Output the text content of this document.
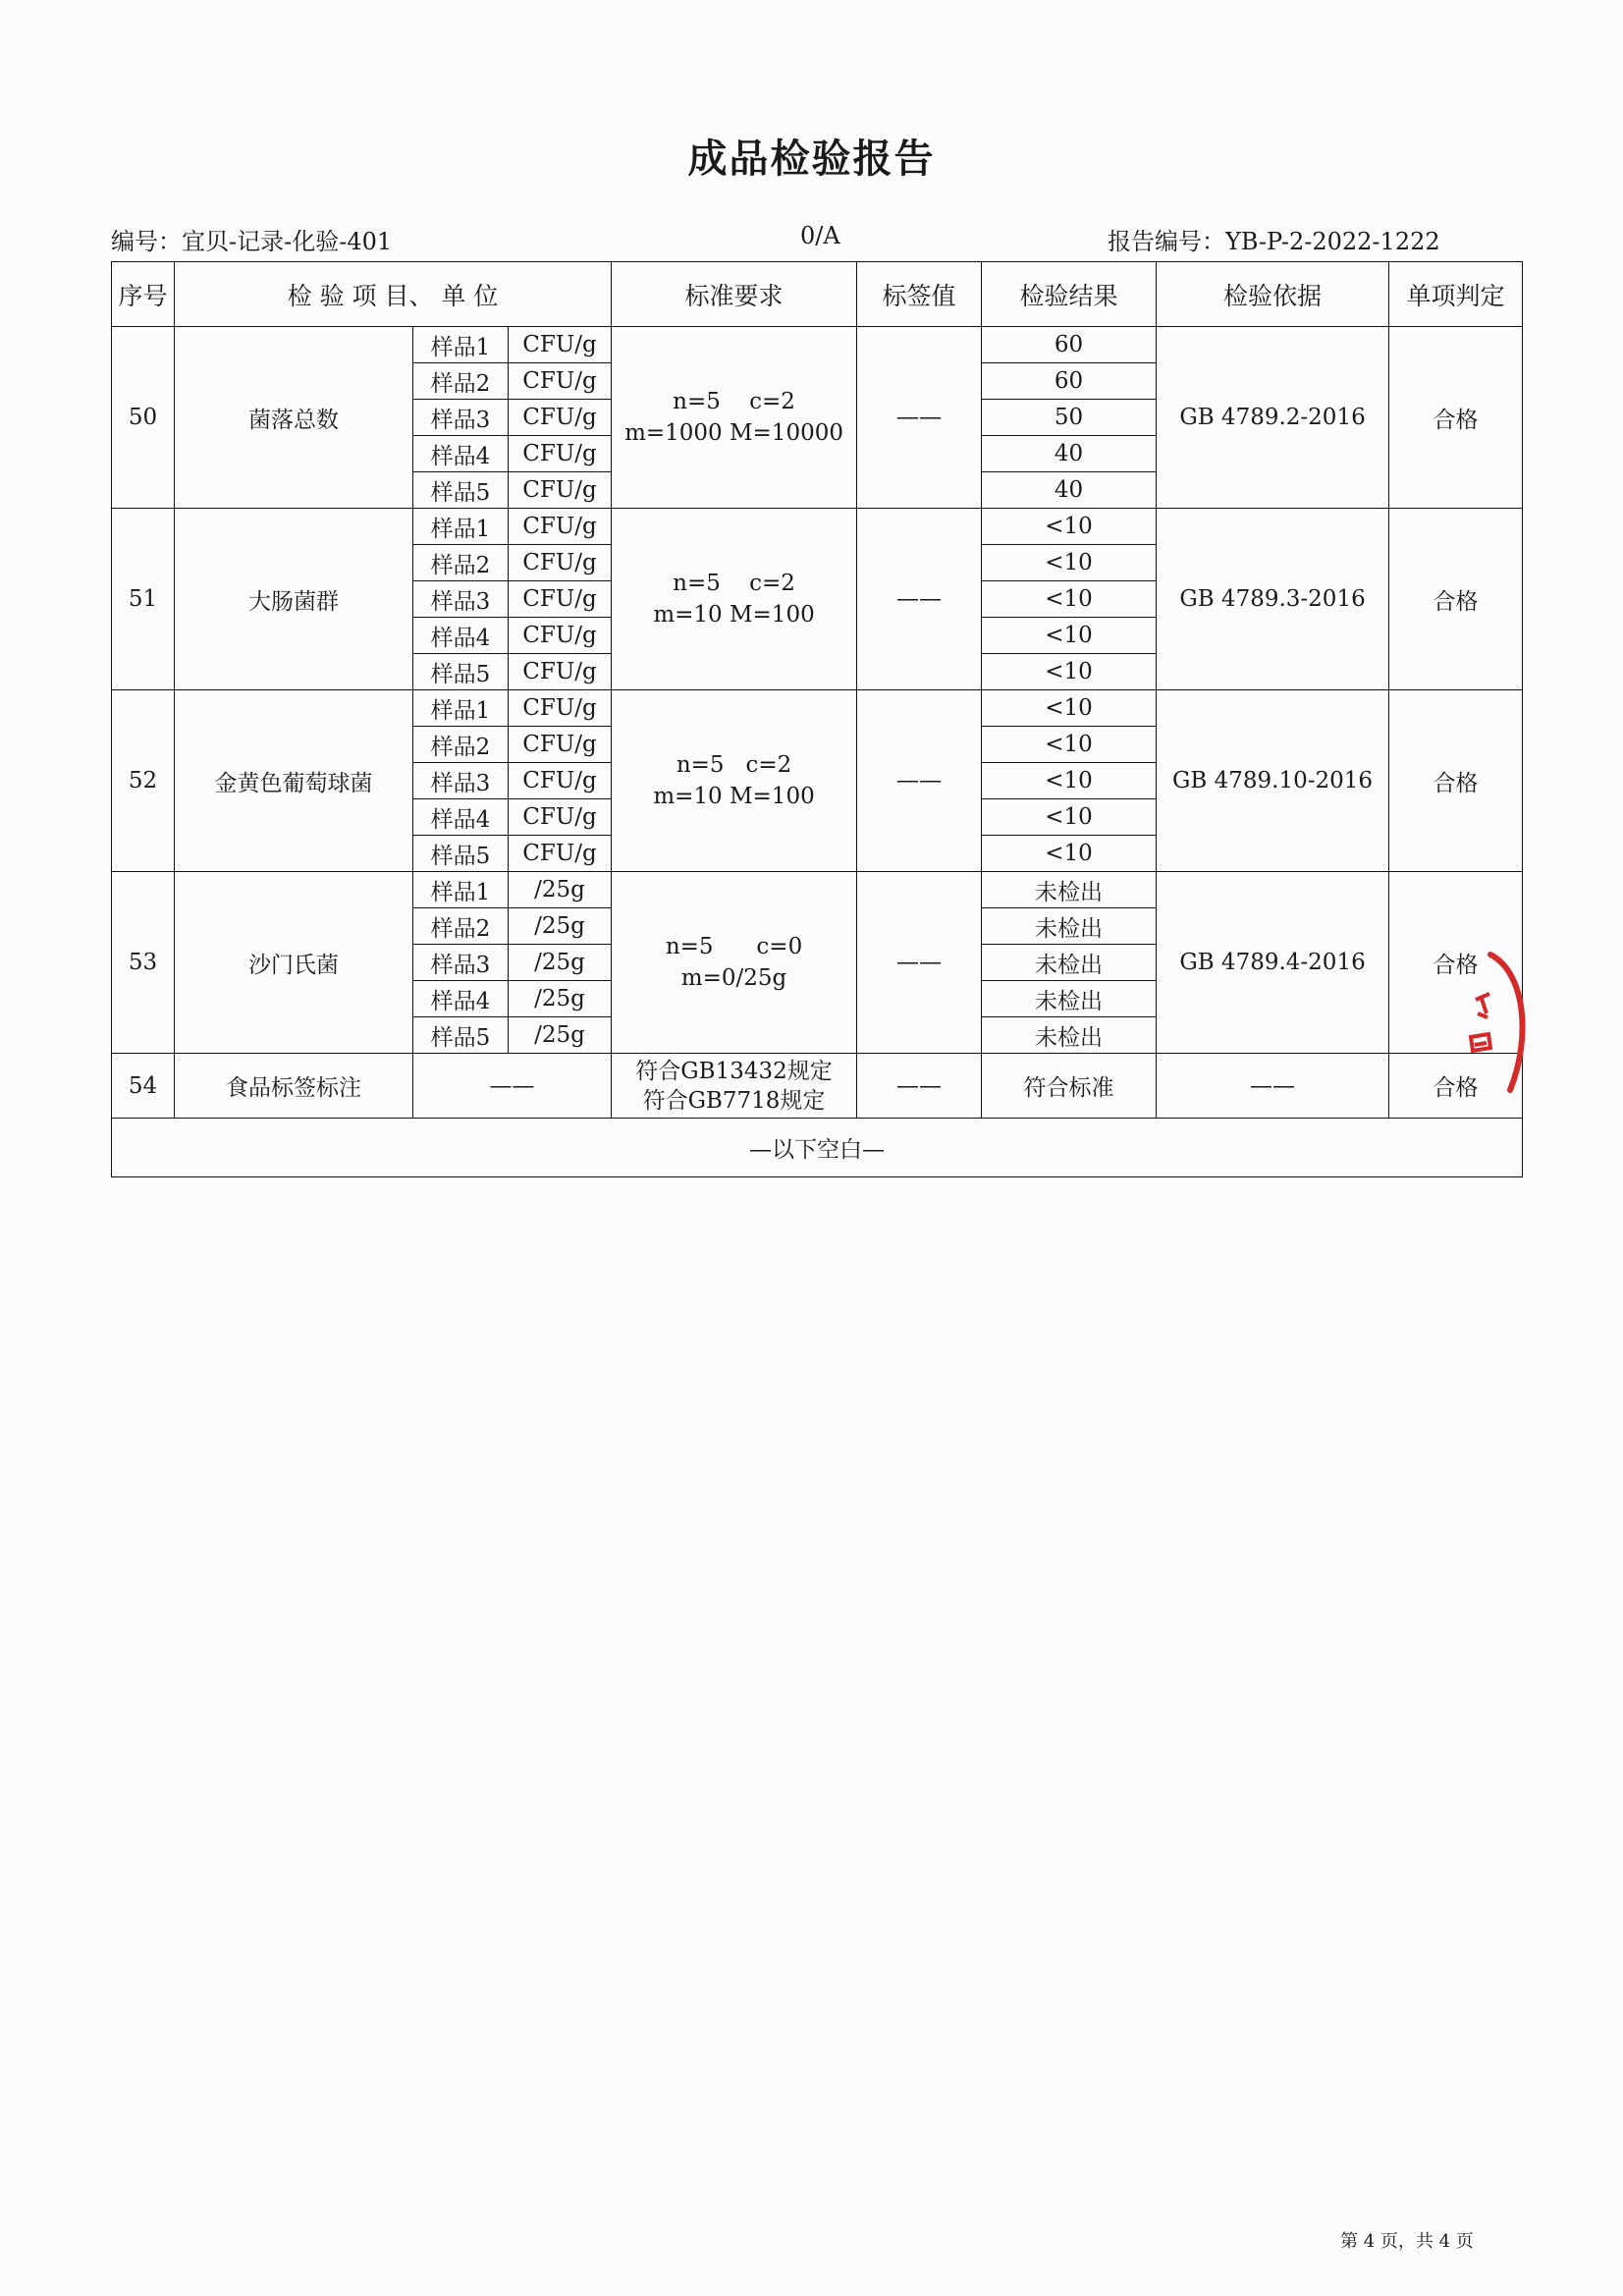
成品检验报告
编号：宜贝-记录-化验-401	0/A	报告编号：YB-P-2-2022-1222
序号	检 验 项 目、 单 位			标准要求	标签值	检验结果	检验依据	单项判定
50	菌落总数	样品1	CFU/g	n=5    c=2
m=1000 M=10000	——	60	GB 4789.2-2016	合格
		样品2	CFU/g			60		
		样品3	CFU/g			50		
		样品4	CFU/g			40		
		样品5	CFU/g			40		
51	大肠菌群	样品1	CFU/g	n=5    c=2
m=10 M=100	——	<10	GB 4789.3-2016	合格
		样品2	CFU/g			<10		
		样品3	CFU/g			<10		
		样品4	CFU/g			<10		
		样品5	CFU/g			<10		
52	金黄色葡萄球菌	样品1	CFU/g	n=5   c=2
m=10 M=100	——	<10	GB 4789.10-2016	合格
		样品2	CFU/g			<10		
		样品3	CFU/g			<10		
		样品4	CFU/g			<10		
		样品5	CFU/g			<10		
53	沙门氏菌	样品1	/25g	n=5      c=0
m=0/25g	——	未检出	GB 4789.4-2016	合格
		样品2	/25g			未检出		
		样品3	/25g			未检出		
		样品4	/25g			未检出		
		样品5	/25g			未检出		
54	食品标签标注	——		符合GB13432规定
符合GB7718规定	——	符合标准	——	合格
—以下空白—								
第 4 页，共 4 页
